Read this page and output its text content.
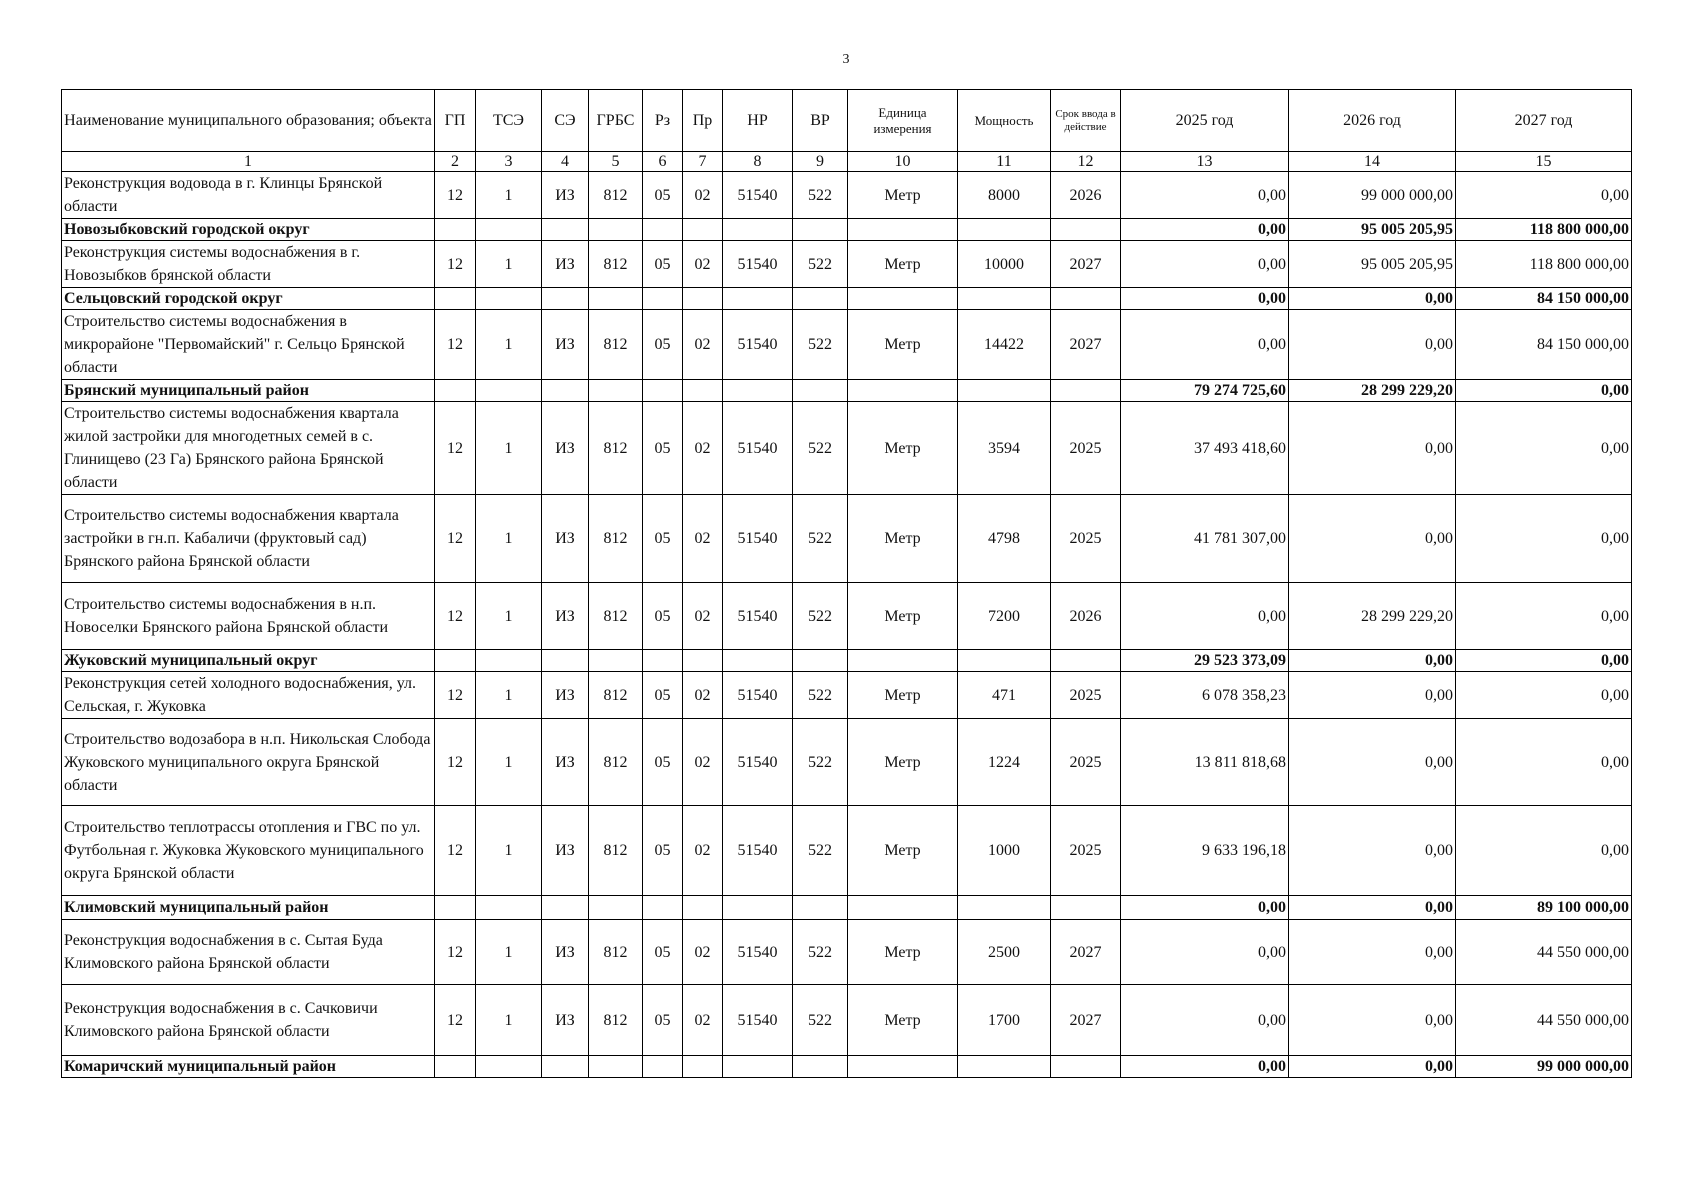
3
Наименование муниципального образования; объекта	ГП	ТСЭ	СЭ	ГРБС	Рз	Пр	НР	ВР	Единица измерения	Мощность	Срок ввода в действие	2025 год	2026 год	2027 год
1	2	3	4	5	6	7	8	9	10	11	12	13	14	15
Реконструкция водовода в г. Клинцы Брянской области	12	1	ИЗ	812	05	02	51540	522	Метр	8000	2026	0,00	99 000 000,00	0,00
Новозыбковский городской округ												0,00	95 005 205,95	118 800 000,00
Реконструкция системы водоснабжения в г. Новозыбков брянской области	12	1	ИЗ	812	05	02	51540	522	Метр	10000	2027	0,00	95 005 205,95	118 800 000,00
Сельцовский городской округ												0,00	0,00	84 150 000,00
Строительство системы водоснабжения в микрорайоне "Первомайский" г. Сельцо Брянской области	12	1	ИЗ	812	05	02	51540	522	Метр	14422	2027	0,00	0,00	84 150 000,00
Брянский муниципальный район												79 274 725,60	28 299 229,20	0,00
Строительство системы водоснабжения квартала жилой застройки для многодетных семей в с. Глинищево (23 Га) Брянского района Брянской области	12	1	ИЗ	812	05	02	51540	522	Метр	3594	2025	37 493 418,60	0,00	0,00
Строительство системы водоснабжения квартала застройки в гн.п. Кабаличи (фруктовый сад) Брянского района Брянской области	12	1	ИЗ	812	05	02	51540	522	Метр	4798	2025	41 781 307,00	0,00	0,00
Строительство системы водоснабжения в н.п. Новоселки Брянского района Брянской области	12	1	ИЗ	812	05	02	51540	522	Метр	7200	2026	0,00	28 299 229,20	0,00
Жуковский муниципальный округ												29 523 373,09	0,00	0,00
Реконструкция сетей холодного водоснабжения, ул. Сельская, г. Жуковка	12	1	ИЗ	812	05	02	51540	522	Метр	471	2025	6 078 358,23	0,00	0,00
Строительство водозабора в н.п. Никольская Слобода Жуковского муниципального округа Брянской области	12	1	ИЗ	812	05	02	51540	522	Метр	1224	2025	13 811 818,68	0,00	0,00
Строительство теплотрассы отопления и ГВС по ул. Футбольная г. Жуковка Жуковского муниципального округа Брянской области	12	1	ИЗ	812	05	02	51540	522	Метр	1000	2025	9 633 196,18	0,00	0,00
Климовский муниципальный район												0,00	0,00	89 100 000,00
Реконструкция водоснабжения в с. Сытая Буда Климовского района Брянской области	12	1	ИЗ	812	05	02	51540	522	Метр	2500	2027	0,00	0,00	44 550 000,00
Реконструкция водоснабжения в с. Сачковичи Климовского района Брянской области	12	1	ИЗ	812	05	02	51540	522	Метр	1700	2027	0,00	0,00	44 550 000,00
Комаричский муниципальный район												0,00	0,00	99 000 000,00
